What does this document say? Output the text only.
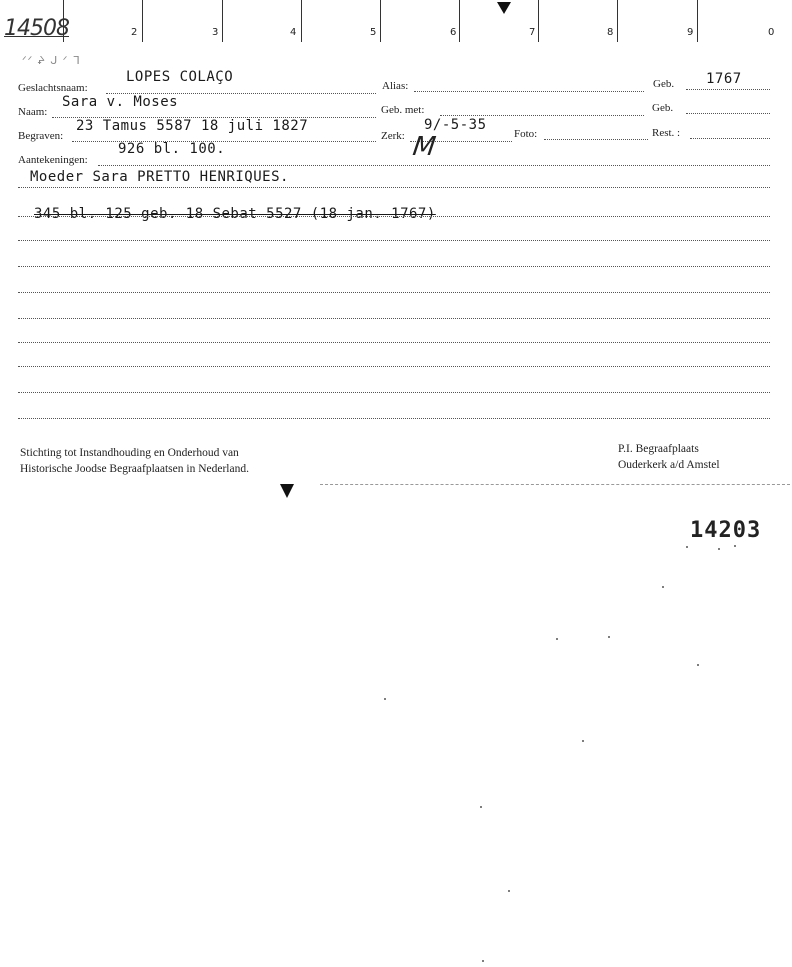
14508	2	3	4	5	6	7	8	9	0
ᐟᐟ ᖨ ᒍ ᐟ ᒣ
Geslachtsnaam:
LOPES COLAÇO
Alias:	Geb. 1767
Naam:
Sara v. Moses	Geb. met:	Geb.
Begraven:
23 Tamus 5587 18 juli 1827
Zerk:
9/-5-35
Foto:	Rest. :
Aantekeningen:
926 bl. 100.	M
Moeder Sara PRETTO HENRIQUES.
345 bl. 125 geb. 18 Sebat 5527 (18 jan. 1767)
Stichting tot Instandhouding en Onderhoud van
Historische Joodse Begraafplaatsen in Nederland.
P.I. Begraafplaats
Ouderkerk a/d Amstel
14203
